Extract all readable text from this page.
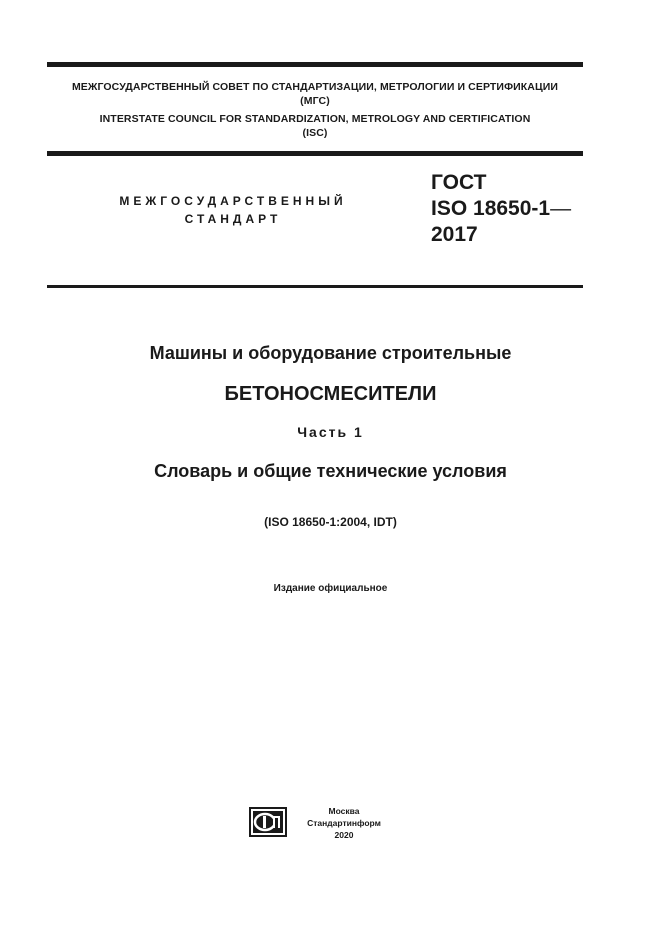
МЕЖГОСУДАРСТВЕННЫЙ СОВЕТ ПО СТАНДАРТИЗАЦИИ, МЕТРОЛОГИИ И СЕРТИФИКАЦИИ
(МГС)
INTERSTATE COUNCIL FOR STANDARDIZATION, METROLOGY AND CERTIFICATION
(ISC)
МЕЖГОСУДАРСТВЕННЫЙ
СТАНДАРТ
ГОСТ
ISO 18650-1—
2017
Машины и оборудование строительные
БЕТОНОСМЕСИТЕЛИ
Часть 1
Словарь и общие технические условия
(ISO 18650-1:2004, IDT)
Издание официальное
Москва
Стандартинформ
2020
